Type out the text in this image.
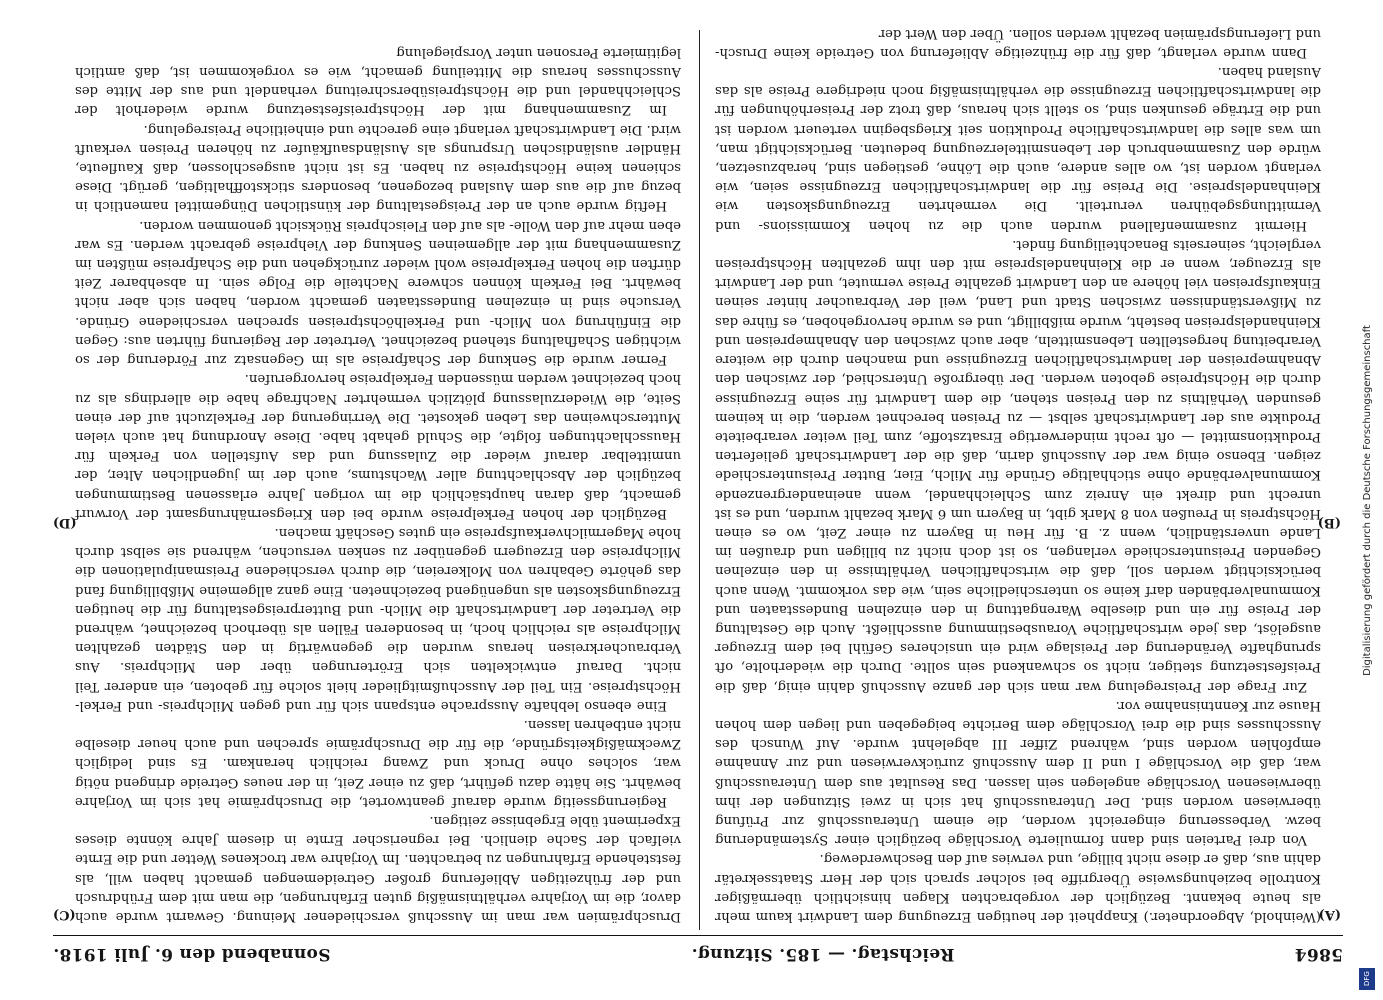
5864
Reichstag. — 185. Sitzung.
Sonnabend den 6. Juli 1918.
(A)
(B)
(C)
(D)

(Weinhold, Abgeordneter.) Knappheit der heutigen Erzeugung dem Landwirt kaum mehr als heute bekannt. Bezüglich der vorgebrachten Klagen hinsichtlich übermäßiger Kontrolle beziehungsweise Übergriffe bei solcher sprach sich der Herr Staatssekretär dahin aus, daß er diese nicht billige, und verwies auf den Beschwerdeweg.

Von drei Parteien sind dann formulierte Vorschläge bezüglich einer Systemänderung bezw. Verbesserung eingereicht worden, die einem Unterausschuß zur Prüfung überwiesen worden sind. Der Unterausschuß hat sich in zwei Sitzungen der ihm überwiesenen Vorschläge angelegen sein lassen. Das Resultat aus dem Unterausschuß war, daß die Vorschläge I und II dem Ausschuß zurückverwiesen und zur Annahme empfohlen worden sind, während Ziffer III abgelehnt wurde. Auf Wunsch des Ausschusses sind die drei Vorschläge dem Berichte beigegeben und liegen dem hohen Hause zur Kenntnisnahme vor.

Zur Frage der Preisregelung war man sich der ganze Ausschuß dahin einig, daß die Preisfestsetzung stetiger, nicht so schwankend sein sollte. Durch die wiederholte, oft sprunghafte Veränderung der Preislage wird ein unsicheres Gefühl bei dem Erzeuger ausgelöst, das jede wirtschaftliche Vorausbestimmung ausschließt. Auch die Gestaltung der Preise für ein und dieselbe Warengattung in den einzelnen Bundesstaaten und Kommunalverbänden darf keine so unterschiedliche sein, wie das vorkommt. Wenn auch berücksichtigt werden soll, daß die wirtschaftlichen Verhältnisse in den einzelnen Gegenden Preisunterschiede verlangen, so ist doch nicht zu billigen und draußen im Lande unverständlich, wenn z. B. für Heu in Bayern zu einer Zeit, wo es einen Höchstpreis in Preußen von 8 Mark gibt, in Bayern um 6 Mark bezahlt wurden, und es ist unrecht und direkt ein Anreiz zum Schleichhandel, wenn aneinandergrenzende Kommunalverbände ohne stichhaltige Gründe für Milch, Eier, Butter Preisunterschiede zeigen. Ebenso einig war der Ausschuß darin, daß die der Landwirtschaft gelieferten Produktionsmittel — oft recht minderwertige Ersatzstoffe, zum Teil weiter verarbeitete Produkte aus der Landwirtschaft selbst — zu Preisen berechnet werden, die in keinem gesunden Verhältnis zu den Preisen stehen, die dem Landwirt für seine Erzeugnisse durch die Höchstpreise geboten werden. Der übergroße Unterschied, der zwischen den Abnahmepreisen der landwirtschaftlichen Erzeugnisse und manchen durch die weitere Verarbeitung hergestellten Lebensmitteln, aber auch zwischen den Abnahmepreisen und Kleinhandelspreisen besteht, wurde mißbilligt, und es wurde hervorgehoben, es führe das zu Mißverständnissen zwischen Stadt und Land, weil der Verbraucher hinter seinen Einkaufspreisen viel höhere an den Landwirt gezahlte Preise vermutet, und der Landwirt als Erzeuger, wenn er die Kleinhandelspreise mit den ihm gezahlten Höchstpreisen vergleicht, seinerseits Benachteiligung findet.

Hiermit zusammenfallend wurden auch die zu hohen Kommissions- und Vermittlungsgebühren verurteilt. Die vermehrten Erzeugungskosten wie Kleinhandelspreise. Die Preise für die landwirtschaftlichen Erzeugnisse seien, wie verlangt worden ist, wo alles andere, auch die Löhne, gestiegen sind, herabzusetzen, würde den Zusammenbruch der Lebensmittelerzeugung bedeuten. Berücksichtigt man, um was alles die landwirtschaftliche Produktion seit Kriegsbeginn verteuert worden ist und die Erträge gesunken sind, so stellt sich heraus, daß trotz der Preiserhöhungen für die landwirtschaftlichen Erzeugnisse die verhältnismäßig noch niedrigere Preise als das Ausland haben.

Dann wurde verlangt, daß für die frühzeitige Ablieferung von Getreide keine Drusch- und Lieferungsprämien bezahlt werden sollen. Über den Wert der

Druschprämien war man im Ausschuß verschiedener Meinung. Gewarnt wurde auch davor, die im Vorjahre verhältnismäßig guten Erfahrungen, die man mit dem Frühdrusch und der frühzeitigen Ablieferung großer Getreidemengen gemacht haben will, als feststehende Erfahrungen zu betrachten. Im Vorjahre war trockenes Wetter und die Ernte vielfach der Sache dienlich. Bei regnerischer Ernte in diesem Jahre könnte dieses Experiment üble Ergebnisse zeitigen.

Regierungsseitig wurde darauf geantwortet, die Druschprämie hat sich im Vorjahre bewährt. Sie hätte dazu geführt, daß zu einer Zeit, in der neues Getreide dringend nötig war, solches ohne Druck und Zwang reichlich herankam. Es sind lediglich Zweckmäßigkeitsgründe, die für die Druschprämie sprechen und auch heuer dieselbe nicht entbehren lassen.

Eine ebenso lebhafte Aussprache entspann sich für und gegen Milchpreis- und Ferkel-Höchstpreise. Ein Teil der Ausschußmitglieder hielt solche für geboten, ein anderer Teil nicht. Darauf entwickelten sich Erörterungen über den Milchpreis. Aus Verbraucherkreisen heraus wurden die gegenwärtig in den Städten gezahlten Milchpreise als reichlich hoch, in besonderen Fällen als überhoch bezeichnet, während die Vertreter der Landwirtschaft die Milch- und Butterpreisgestaltung für die heutigen Erzeugungskosten als ungenügend bezeichneten. Eine ganz allgemeine Mißbilligung fand das gehörte Gebahren von Molkereien, die durch verschiedene Preismanipulationen die Milchpreise den Erzeugern gegenüber zu senken versuchen, während sie selbst durch hohe Magermilchverkaufspreise ein gutes Geschäft machen.

Bezüglich der hohen Ferkelpreise wurde bei den Kriegsernährungsamt der Vorwurf gemacht, daß daran hauptsächlich die im vorigen Jahre erlassenen Bestimmungen bezüglich der Abschlachtung aller Wachstums, auch der im jugendlichen Alter, der unmittelbar darauf wieder die Zulassung und das Aufstellen von Ferkeln für Hausschlachtungen folgte, die Schuld gehabt habe. Diese Anordnung hat auch vielen Mutterschweinen das Leben gekostet. Die Verringerung der Ferkelzucht auf der einen Seite, die Wiederzulassung plötzlich vermehrter Nachfrage habe die allerdings als zu hoch bezeichnet werden müssenden Ferkelpreise hervorgerufen.

Ferner wurde die Senkung der Schafpreise als im Gegensatz zur Förderung der so wichtigen Schafhaltung stehend bezeichnet. Vertreter der Regierung führten aus: Gegen die Einführung von Milch- und Ferkelhöchstpreisen sprechen verschiedene Gründe. Versuche sind in einzelnen Bundesstaaten gemacht worden, haben sich aber nicht bewährt. Bei Ferkeln können schwere Nachteile die Folge sein. In absehbarer Zeit dürften die hohen Ferkelpreise wohl wieder zurückgehen und die Schafpreise müßten im Zusammenhang mit der allgemeinen Senkung der Viehpreise gebracht werden. Es war eben mehr auf den Wolle- als auf den Fleischpreis Rücksicht genommen worden.

Heftig wurde auch an der Preisgestaltung der künstlichen Düngemittel namentlich in bezug auf die aus dem Ausland bezogenen, besonders stickstoffhaltigen, gerügt. Diese schienen keine Höchstpreise zu haben. Es ist nicht ausgeschlossen, daß Kaufleute, Händler ausländischen Ursprungs als Ausländsaufkäufer zu höheren Preisen verkauft wird. Die Landwirtschaft verlangt eine gerechte und einheitliche Preisregelung.

Im Zusammenhang mit der Höchstpreisfestsetzung wurde wiederholt der Schleichhandel und die Höchstpreisüberschreitung verhandelt und aus der Mitte des Ausschusses heraus die Mitteilung gemacht, wie es vorgekommen ist, daß amtlich legitimierte Personen unter Vorspiegelung

Digitalisierung gefördert durch die Deutsche Forschungsgemeinschaft
DFG
